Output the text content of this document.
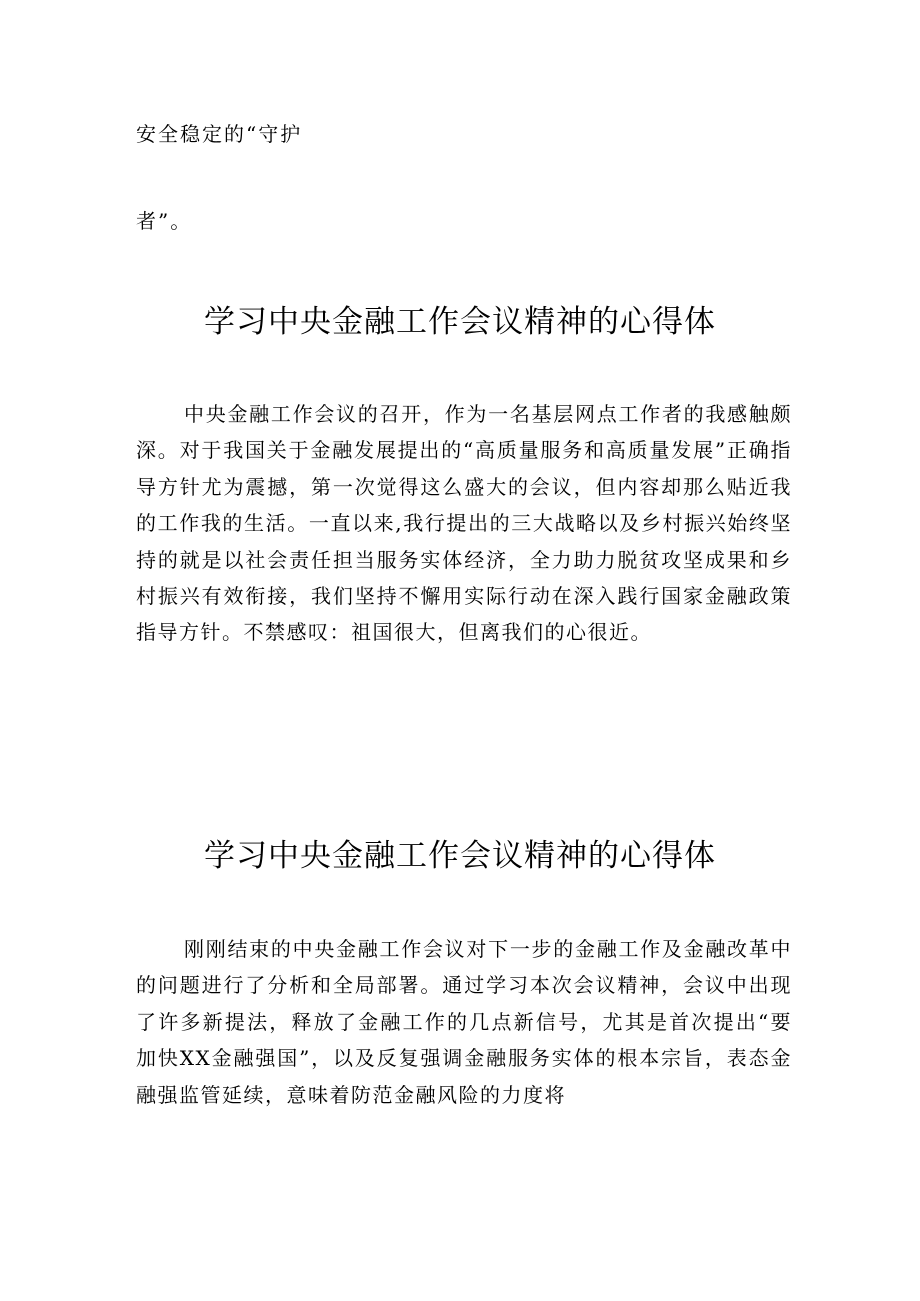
安全稳定的“守护
者”。
学习中央金融工作会议精神的心得体

中央金融工作会议的召开，作为一名基层网点工作者的我感触颇深。对于我国关于金融发展提出的“高质量服务和高质量发展”正确指导方针尤为震撼，第一次觉得这么盛大的会议，但内容却那么贴近我的工作我的生活。一直以来,我行提出的三大战略以及乡村振兴始终坚持的就是以社会责任担当服务实体经济，全力助力脱贫攻坚成果和乡村振兴有效衔接，我们坚持不懈用实际行动在深入践行国家金融政策指导方针。不禁感叹：祖国很大，但离我们的心很近。

学习中央金融工作会议精神的心得体

刚刚结束的中央金融工作会议对下一步的金融工作及金融改革中的问题进行了分析和全局部署。通过学习本次会议精神，会议中出现了许多新提法，释放了金融工作的几点新信号，尤其是首次提出“要加快XX金融强国”，以及反复强调金融服务实体的根本宗旨，表态金融强监管延续，意味着防范金融风险的力度将
